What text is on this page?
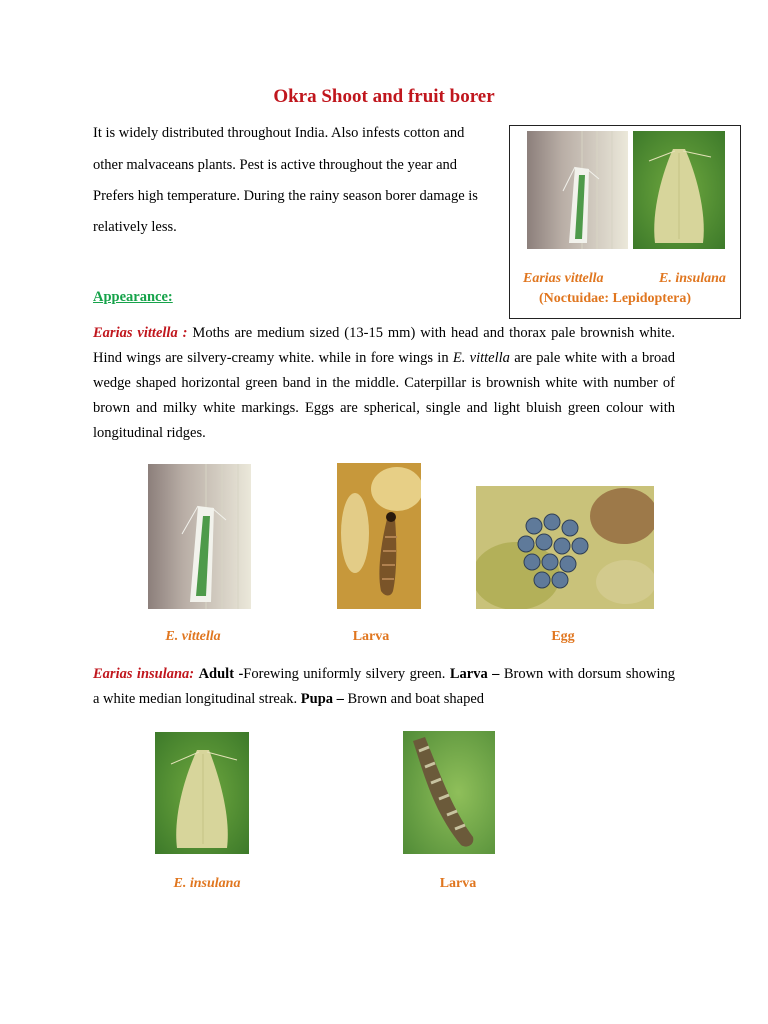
Okra Shoot and fruit borer
It is widely distributed throughout India. Also infests cotton and
other malvaceans plants. Pest is active throughout the year and
Prefers high temperature. During the rainy season borer damage is
relatively less.
Earias vittella	E. insulana
(Noctuidae: Lepidoptera)
Appearance:
Earias vittella : Moths are medium sized (13-15 mm) with head and thorax pale brownish white. Hind wings are silvery-creamy white. while in fore wings in E. vittella are pale white with a broad wedge shaped horizontal green band in the middle. Caterpillar is brownish white with number of brown and milky white markings. Eggs are spherical, single and light bluish green colour with longitudinal ridges.
E. vittella	Larva	Egg
Earias insulana: Adult -Forewing uniformly silvery green. Larva – Brown with dorsum showing a white median longitudinal streak. Pupa – Brown and boat shaped
E. insulana	Larva
